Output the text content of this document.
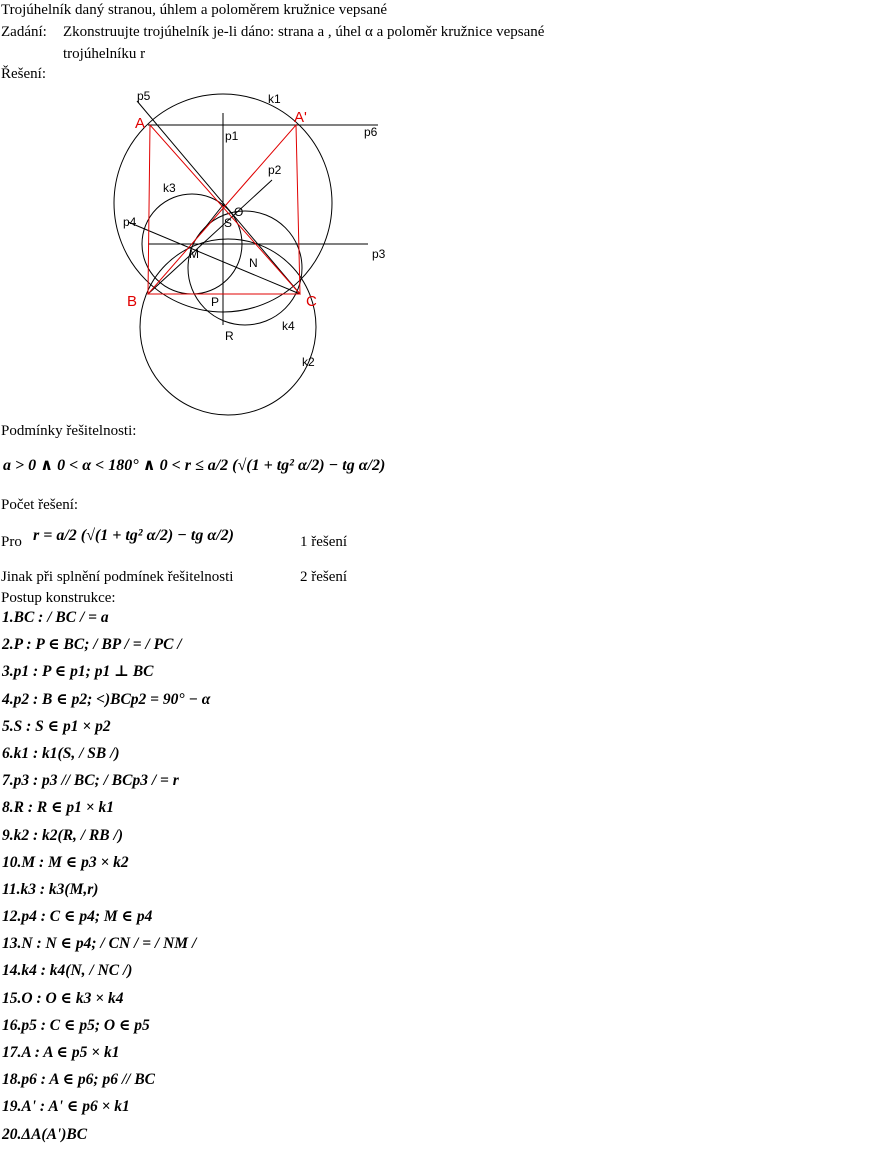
Trojúhelník daný stranou, úhlem a poloměrem kružnice vepsané
Zadání: Zkonstruujte trojúhelník je-li dáno: strana a , úhel α a poloměr kružnice vepsané
trojúhelníku r
Řešení:
p5	k1
A	A'
p6
p1
p2
k3
O
S
p4
M	p3
N
B	C
P
R
k4
k2
Podmínky řešitelnosti:
a > 0 ∧ 0 < α < 180° ∧ 0 < r ≤ a/2 (√(1 + tg² α/2) − tg α/2)
Počet řešení:
Pro r = a/2 (√(1 + tg² α/2) − tg α/2)	1 řešení
Jinak při splnění podmínek řešitelnosti	2 řešení
Postup konstrukce:
1.BC : / BC / = a
2.P : P ∈ BC; / BP / = / PC /
3.p1 : P ∈ p1; p1 ⊥ BC
4.p2 : B ∈ p2; <)BCp2 = 90° − α
5.S : S ∈ p1 × p2
6.k1 : k1(S, / SB /)
7.p3 : p3 // BC; / BCp3 / = r
8.R : R ∈ p1 × k1
9.k2 : k2(R, / RB /)
10.M : M ∈ p3 × k2
11.k3 : k3(M,r)
12.p4 : C ∈ p4; M ∈ p4
13.N : N ∈ p4; / CN / = / NM /
14.k4 : k4(N, / NC /)
15.O : O ∈ k3 × k4
16.p5 : C ∈ p5; O ∈ p5
17.A : A ∈ p5 × k1
18.p6 : A ∈ p6; p6 // BC
19.A' : A' ∈ p6 × k1
20.ΔA(A')BC
